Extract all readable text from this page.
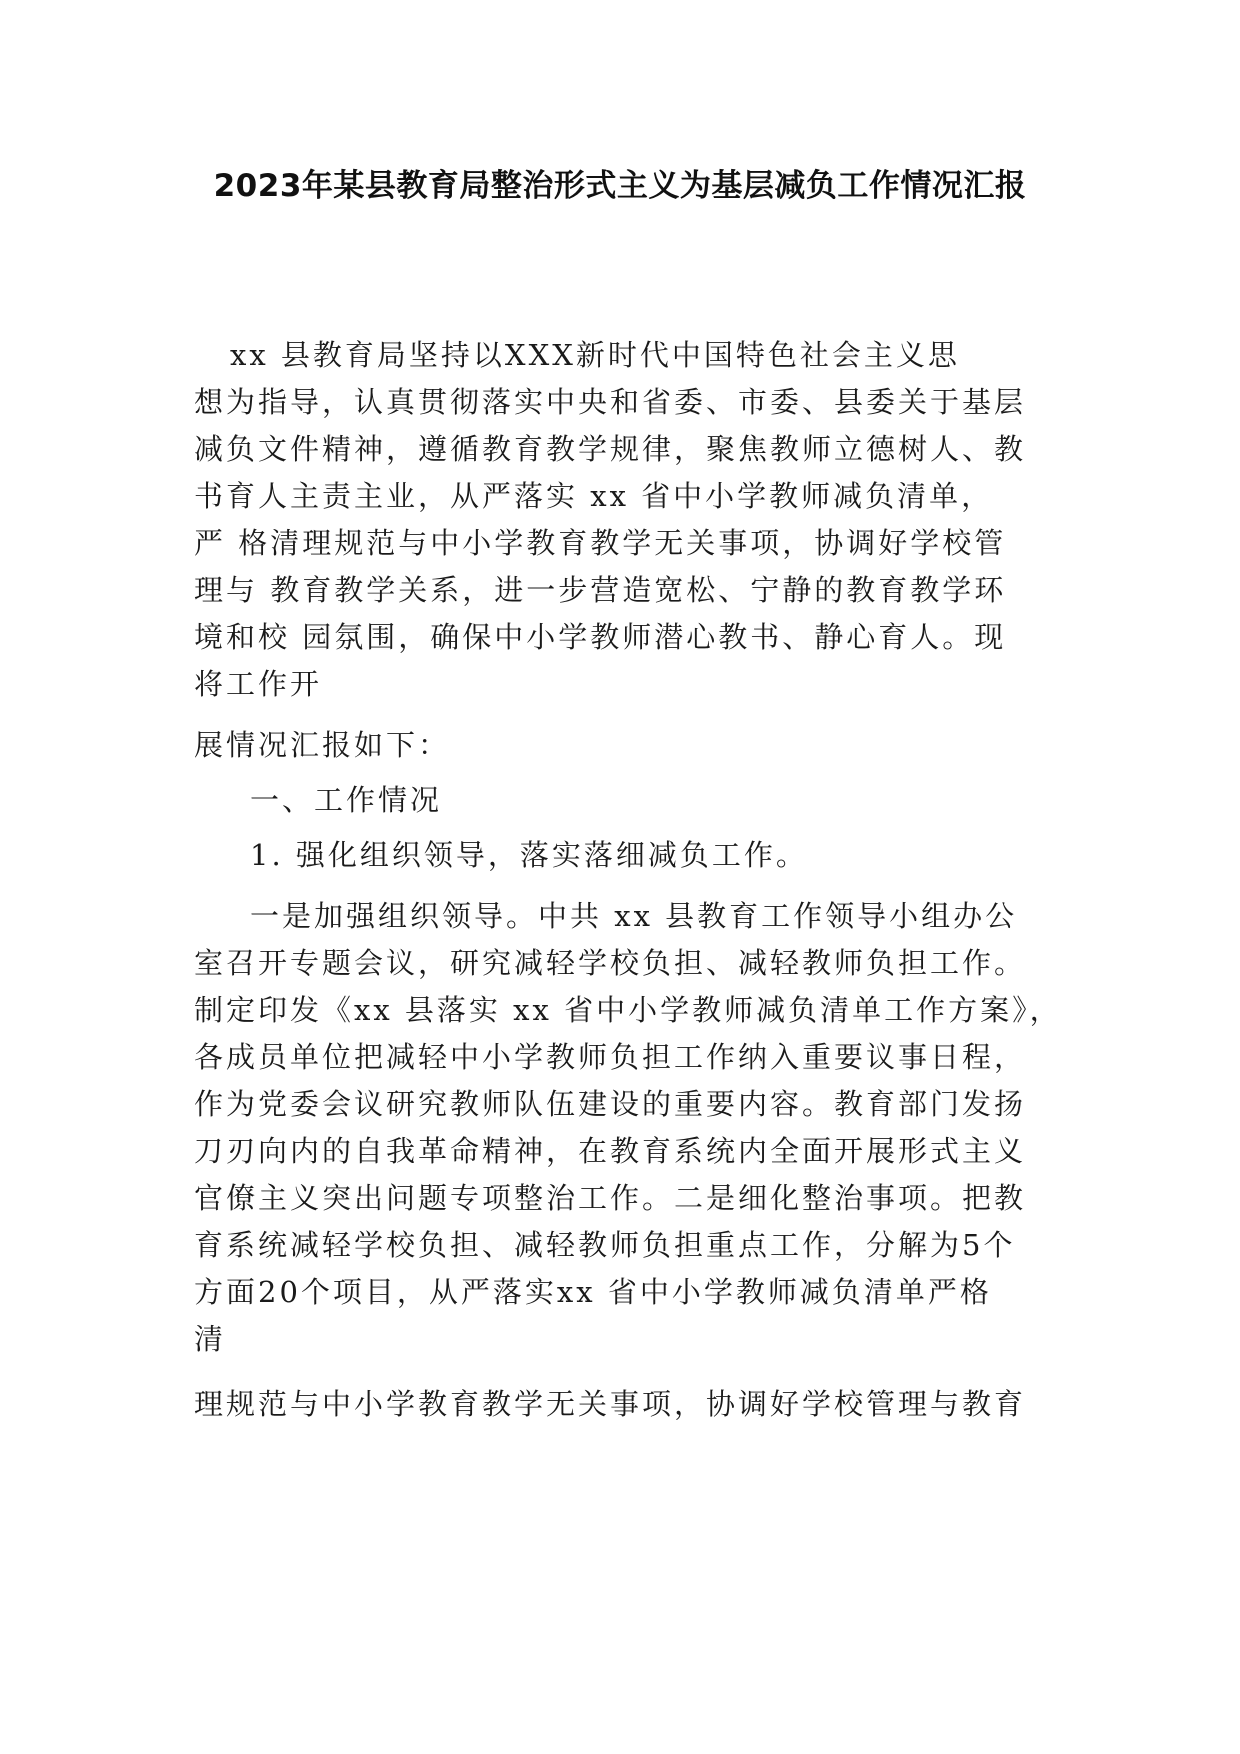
2023年某县教育局整治形式主义为基层减负工作情况汇报
xx 县教育局坚持以XXX新时代中国特色社会主义思
想为指导，认真贯彻落实中央和省委、市委、县委关于基层
减负文件精神，遵循教育教学规律，聚焦教师立德树人、教
书育人主责主业，从严落实 xx 省中小学教师减负清单，
严 格清理规范与中小学教育教学无关事项，协调好学校管
理与 教育教学关系，进一步营造宽松、宁静的教育教学环
境和校 园氛围，确保中小学教师潜心教书、静心育人。现
将工作开
展情况汇报如下：
一、工作情况
1. 强化组织领导，落实落细减负工作。
一是加强组织领导。中共 xx 县教育工作领导小组办公
室召开专题会议，研究减轻学校负担、减轻教师负担工作。
制定印发《xx 县落实 xx 省中小学教师减负清单工作方案》，
各成员单位把减轻中小学教师负担工作纳入重要议事日程，
作为党委会议研究教师队伍建设的重要内容。教育部门发扬
刀刃向内的自我革命精神，在教育系统内全面开展形式主义
官僚主义突出问题专项整治工作。二是细化整治事项。把教
育系统减轻学校负担、减轻教师负担重点工作，分解为5个
方面20个项目，从严落实xx 省中小学教师减负清单严格
清
理规范与中小学教育教学无关事项，协调好学校管理与教育
